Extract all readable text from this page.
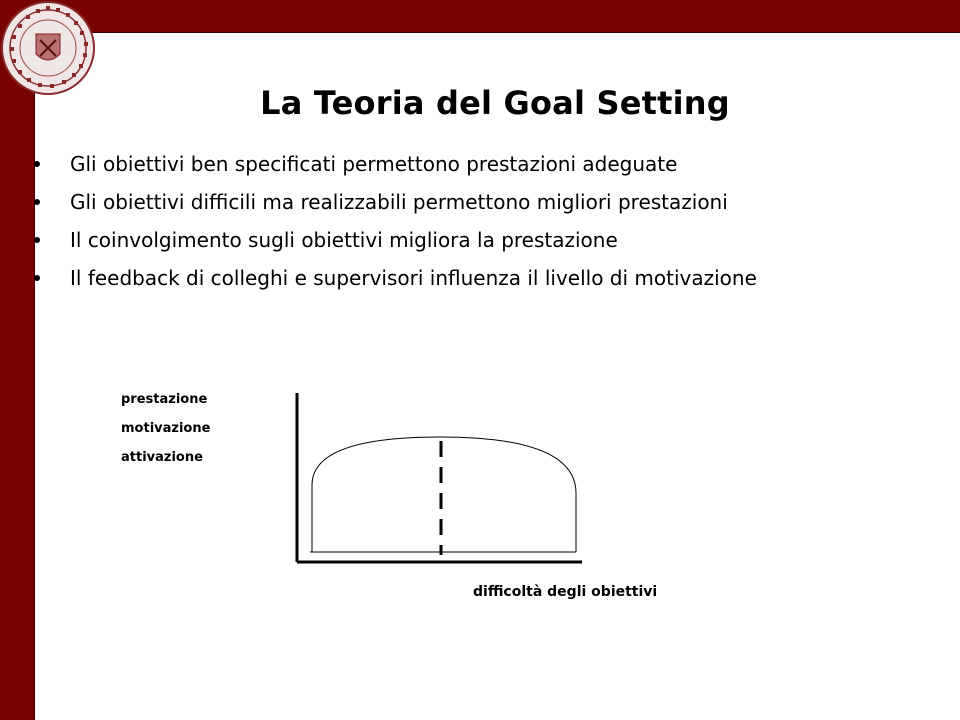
La Teoria del Goal Setting
Gli obiettivi ben specificati permettono prestazioni adeguate
Gli obiettivi difficili ma realizzabili permettono migliori prestazioni
Il coinvolgimento sugli obiettivi migliora la prestazione
Il feedback di colleghi e supervisori influenza il livello di motivazione
prestazione
motivazione
attivazione
difficoltà degli obiettivi
